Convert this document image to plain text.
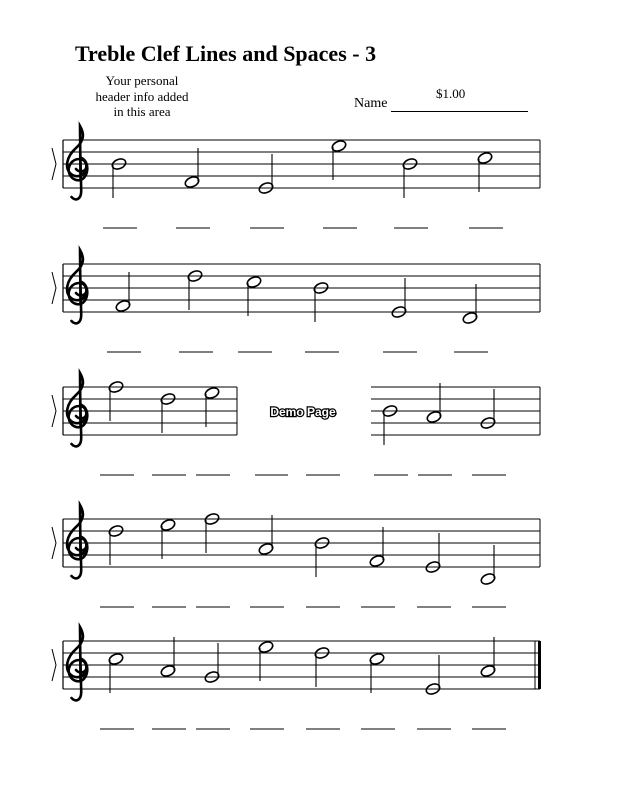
Treble Clef Lines and Spaces - 3
Your personal
header info added
in this area
$1.00
Name
Demo Page
